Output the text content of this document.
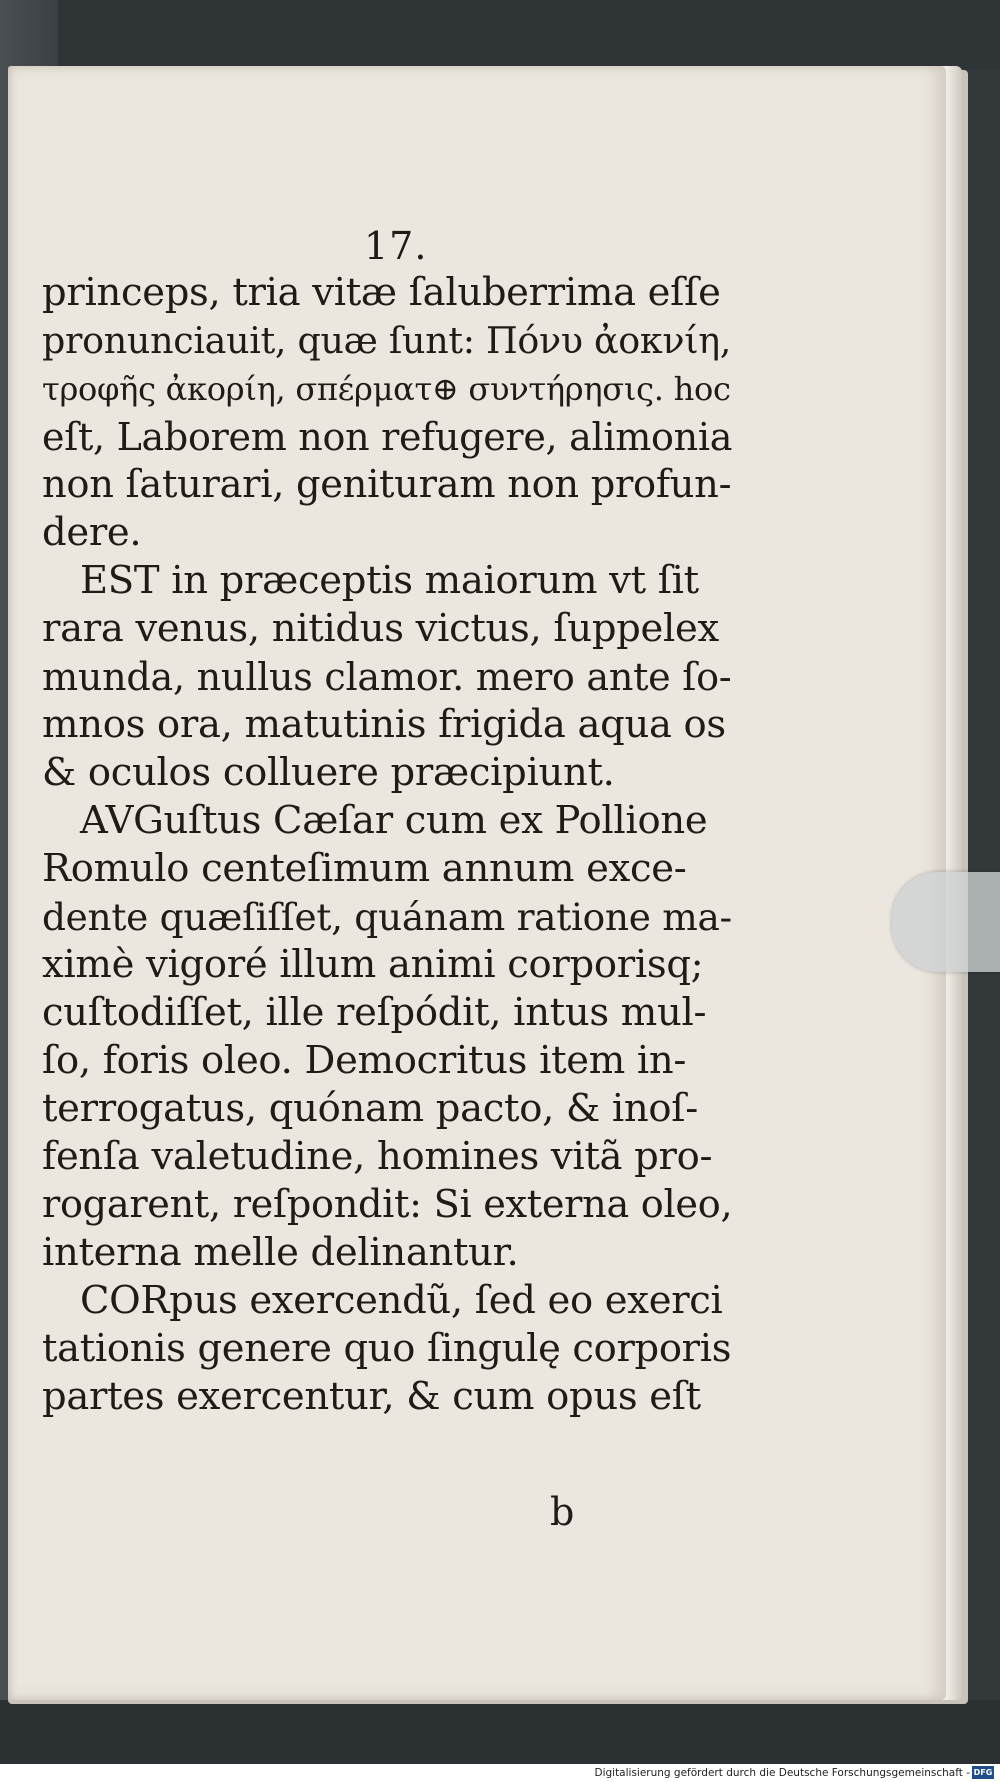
17.
princeps, tria vitæ ſaluberrima eſſe
pronunciauit, quæ ſunt: Πόνυ ἀοκνίη,
τροφῆς ἀκορίη, σπέρματ⊕ συντήρησις. hoc
eſt, Laborem non refugere, alimonia
non ſaturari, genituram non profun-
dere.
EST in præceptis maiorum vt ſit
rara venus, nitidus victus, ſuppelex
munda, nullus clamor. mero ante ſo-
mnos ora, matutinis frigida aqua os
& oculos colluere præcipiunt.
AVGuſtus Cæſar cum ex Pollione
Romulo centeſimum annum exce-
dente quæſiſſet, quánam ratione ma-
ximè vigoré illum animi corporisq;
cuſtodiſſet, ille reſpódit, intus mul-
ſo, foris oleo. Democritus item in-
terrogatus, quónam pacto, & inoſ-
fenſa valetudine, homines vitã pro-
rogarent, reſpondit: Si externa oleo,
interna melle delinantur.
CORpus exercendũ, ſed eo exerci
tationis genere quo ſingulę corporis
partes exercentur, & cum opus eſt
b
Digitalisierung gefördert durch die Deutsche Forschungsgemeinschaft - DFG
